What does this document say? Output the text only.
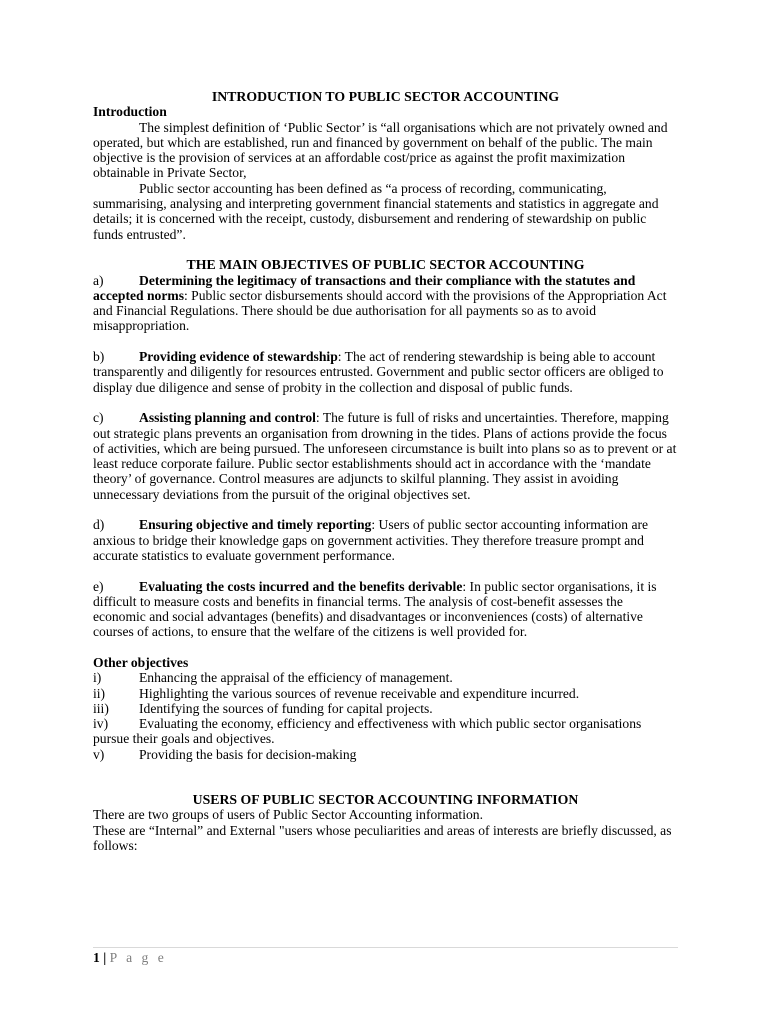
INTRODUCTION TO PUBLIC SECTOR ACCOUNTING

Introduction

The simplest definition of ‘Public Sector’ is “all organisations which are not privately owned and operated, but which are established, run and financed by government on behalf of the public. The main objective is the provision of services at an affordable cost/price as against the profit maximization obtainable in Private Sector,

Public sector accounting has been defined as “a process of recording, communicating, summarising, analysing and interpreting government financial statements and statistics in aggregate and details; it is concerned with the receipt, custody, disbursement and rendering of stewardship on public funds entrusted”.

THE MAIN OBJECTIVES OF PUBLIC SECTOR ACCOUNTING

a)	Determining the legitimacy of transactions and their compliance with the statutes and accepted norms: Public sector disbursements should accord with the provisions of the Appropriation Act and Financial Regulations. There should be due authorisation for all payments so as to avoid misappropriation.
b)	Providing evidence of stewardship: The act of rendering stewardship is being able to account transparently and diligently for resources entrusted. Government and public sector officers are obliged to display due diligence and sense of probity in the collection and disposal of public funds.
c)	Assisting planning and control: The future is full of risks and uncertainties. Therefore, mapping out strategic plans prevents an organisation from drowning in the tides. Plans of actions provide the focus of activities, which are being pursued. The unforeseen circumstance is built into plans so as to prevent or at least reduce corporate failure. Public sector establishments should act in accordance with the ‘mandate theory’ of governance. Control measures are adjuncts to skilful planning. They assist in avoiding unnecessary deviations from the pursuit of the original objectives set.
d)	Ensuring objective and timely reporting: Users of public sector accounting information are anxious to bridge their knowledge gaps on government activities. They therefore treasure prompt and accurate statistics to evaluate government performance.
e)	Evaluating the costs incurred and the benefits derivable: In public sector organisations, it is difficult to measure costs and benefits in financial terms. The analysis of cost-benefit assesses the economic and social advantages (benefits) and disadvantages or inconveniences (costs) of alternative courses of actions, to ensure that the welfare of the citizens is well provided for.

Other objectives

i)	Enhancing the appraisal of the efficiency of management.

ii) Highlighting the various sources of revenue receivable and expenditure incurred.

iii) Identifying the sources of funding for capital projects.

iv) Evaluating the economy, efficiency and effectiveness with which public sector organisations pursue their goals and objectives.

v)	Providing the basis for decision-making

USERS OF PUBLIC SECTOR ACCOUNTING INFORMATION

There are two groups of users of Public Sector Accounting information.

These are “Internal” and External "users whose peculiarities and areas of interests are briefly discussed, as follows:

1 | P a g e
